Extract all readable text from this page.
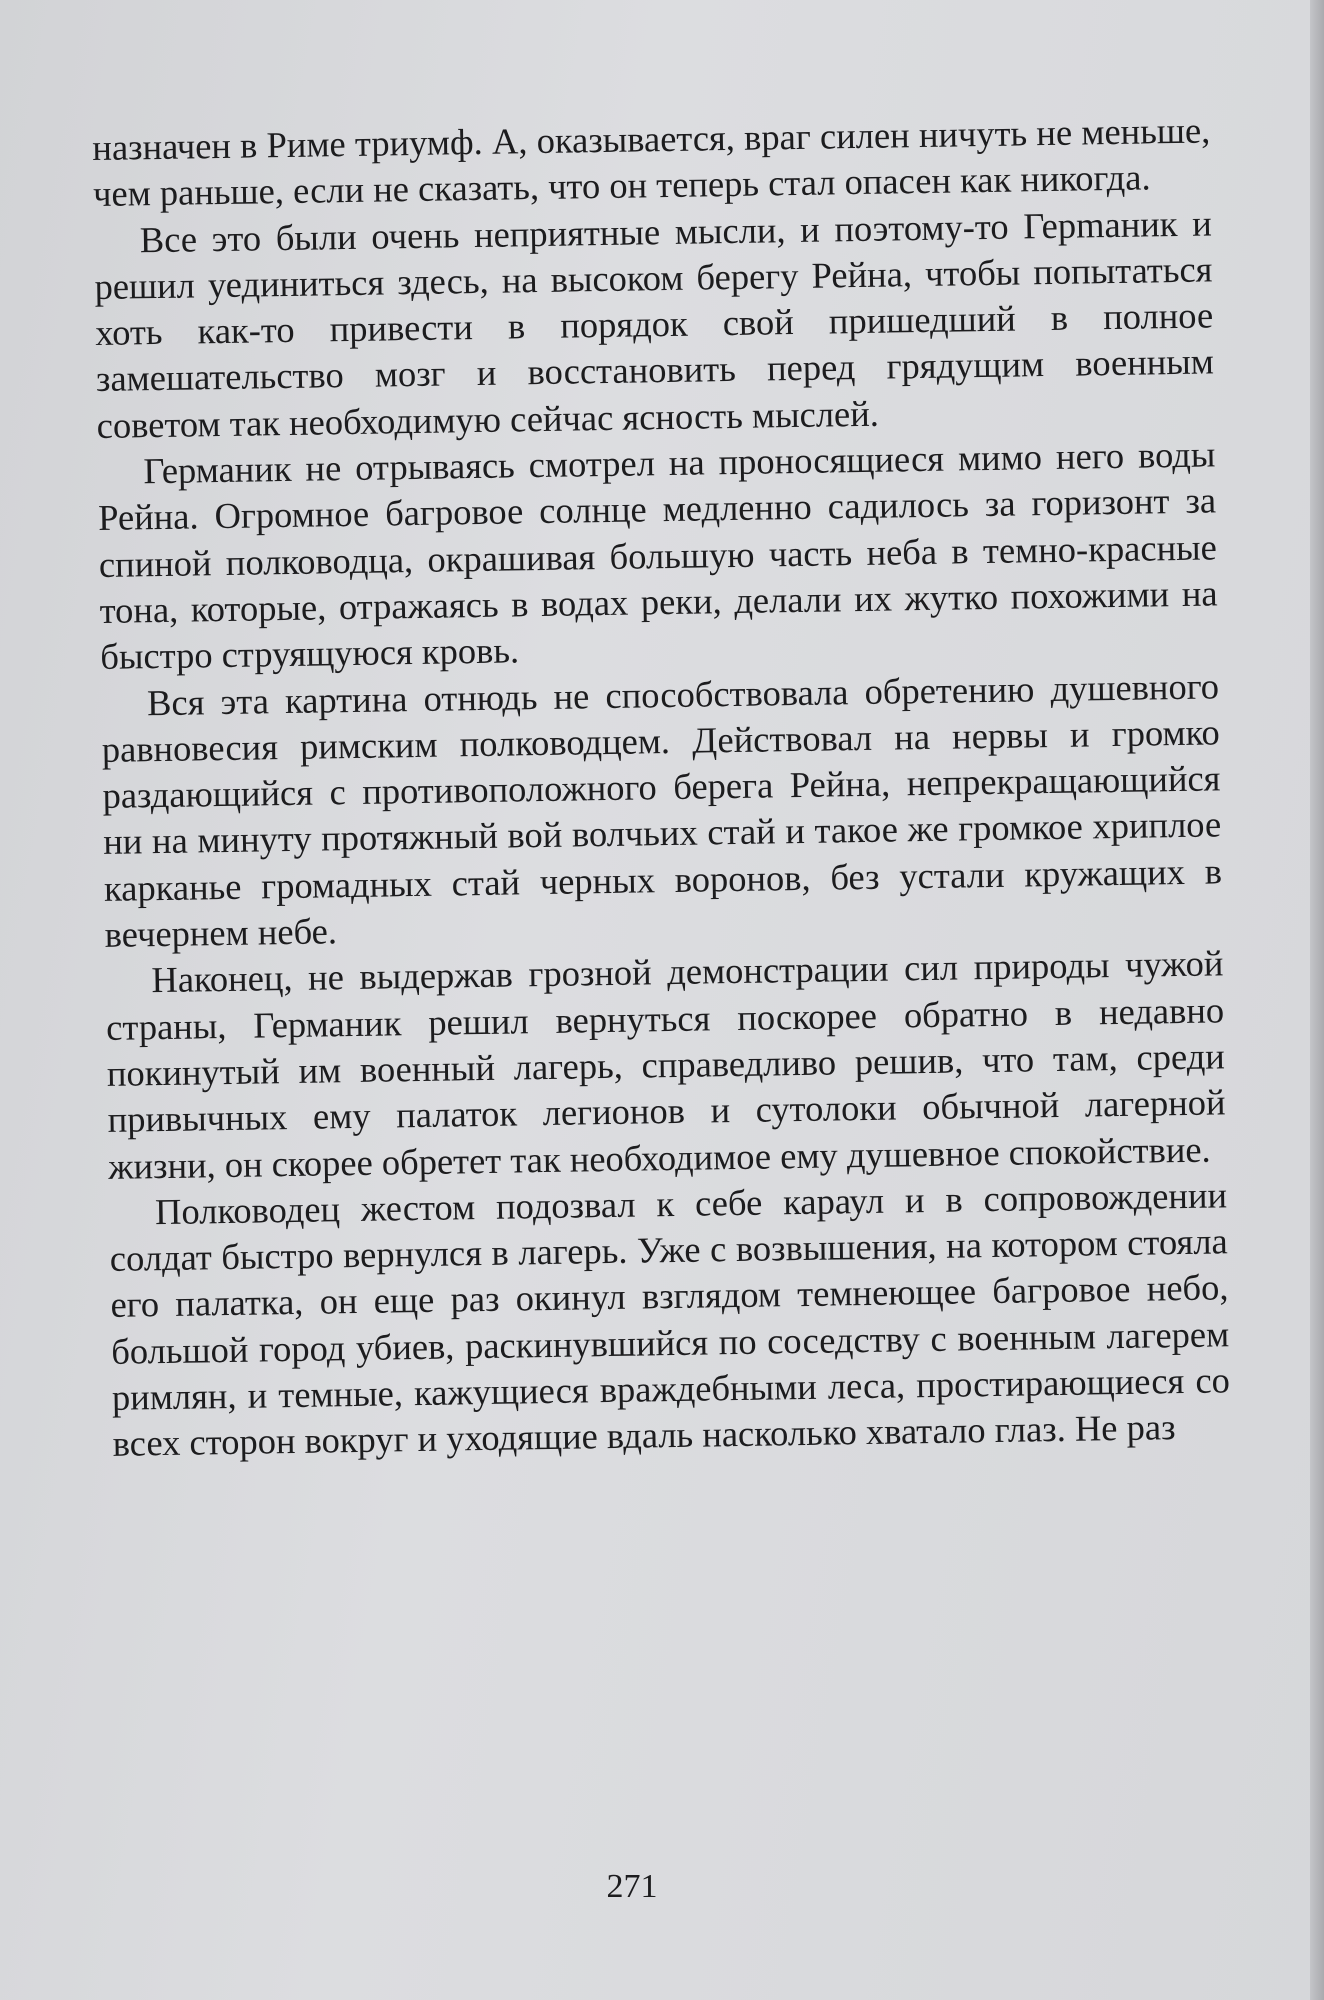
назначен в Риме триумф. А, оказывается, враг силен ничуть не меньше, чем раньше, если не сказать, что он теперь стал опасен как никогда.

Все это были очень неприятные мысли, и поэтому-то Герmаник и решил уединиться здесь, на высоком берегу Рейна, чтобы попытаться хоть как-то привести в порядок свой пришедший в полное замешательство мозг и восстановить перед грядущим военным советом так необходимую сейчас ясность мыслей.

Германик не отрываясь смотрел на проносящиеся мимо него воды Рейна. Огромное багровое солнце медленно садилось за горизонт за спиной полководца, окрашивая большую часть неба в темно-красные тона, которые, отражаясь в водах реки, делали их жутко похожими на быстро струящуюся кровь.

Вся эта картина отнюдь не способствовала обретению душевного равновесия римским полководцем. Действовал на нервы и громко раздающийся с противоположного берега Рейна, непрекращающийся ни на минуту протяжный вой волчьих стай и такое же громкое хриплое карканье громадных стай черных воронов, без устали кружащих в вечернем небе.

Наконец, не выдержав грозной демонстрации сил природы чужой страны, Германик решил вернуться поскорее обратно в недавно покинутый им военный лагерь, справедливо решив, что там, среди привычных ему палаток легионов и сутолоки обычной лагерной жизни, он скорее обретет так необходимое ему душевное спокойствие.

Полководец жестом подозвал к себе караул и в сопровождении солдат быстро вернулся в лагерь. Уже с возвышения, на котором стояла его палатка, он еще раз окинул взглядом темнеющее багровое небо, большой город убиев, раскинувшийся по соседству с военным лагерем римлян, и темные, кажущиеся враждебными леса, простирающиеся со всех сторон вокруг и уходящие вдаль насколько хватало глаз. Не раз

271
